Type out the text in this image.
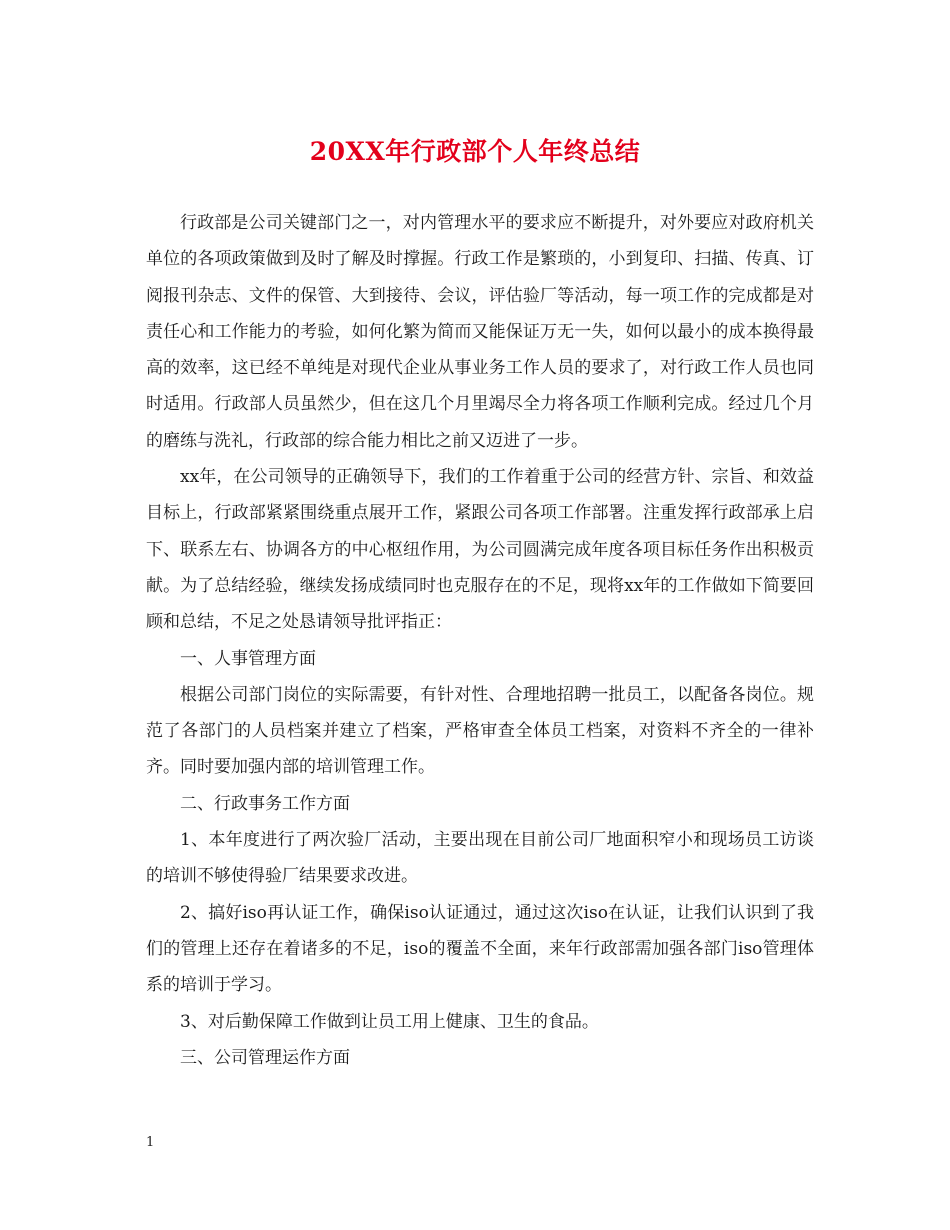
20XX年行政部个人年终总结

行政部是公司关键部门之一，对内管理水平的要求应不断提升，对外要应对政府机关单位的各项政策做到及时了解及时撑握。行政工作是繁琐的，小到复印、扫描、传真、订阅报刊杂志、文件的保管、大到接待、会议，评估验厂等活动，每一项工作的完成都是对责任心和工作能力的考验，如何化繁为简而又能保证万无一失，如何以最小的成本换得最高的效率，这已经不单纯是对现代企业从事业务工作人员的要求了，对行政工作人员也同时适用。行政部人员虽然少，但在这几个月里竭尽全力将各项工作顺利完成。经过几个月的磨练与洗礼，行政部的综合能力相比之前又迈进了一步。

xx年，在公司领导的正确领导下，我们的工作着重于公司的经营方针、宗旨、和效益目标上，行政部紧紧围绕重点展开工作，紧跟公司各项工作部署。注重发挥行政部承上启下、联系左右、协调各方的中心枢纽作用，为公司圆满完成年度各项目标任务作出积极贡献。为了总结经验，继续发扬成绩同时也克服存在的不足，现将xx年的工作做如下简要回顾和总结，不足之处恳请领导批评指正：

一、人事管理方面

根据公司部门岗位的实际需要，有针对性、合理地招聘一批员工，以配备各岗位。规范了各部门的人员档案并建立了档案，严格审查全体员工档案，对资料不齐全的一律补齐。同时要加强内部的培训管理工作。

二、行政事务工作方面

1、本年度进行了两次验厂活动，主要出现在目前公司厂地面积窄小和现场员工访谈的培训不够使得验厂结果要求改进。

2、搞好iso再认证工作，确保iso认证通过，通过这次iso在认证，让我们认识到了我们的管理上还存在着诸多的不足，iso的覆盖不全面，来年行政部需加强各部门iso管理体系的培训于学习。

3、对后勤保障工作做到让员工用上健康、卫生的食品。

三、公司管理运作方面

1
